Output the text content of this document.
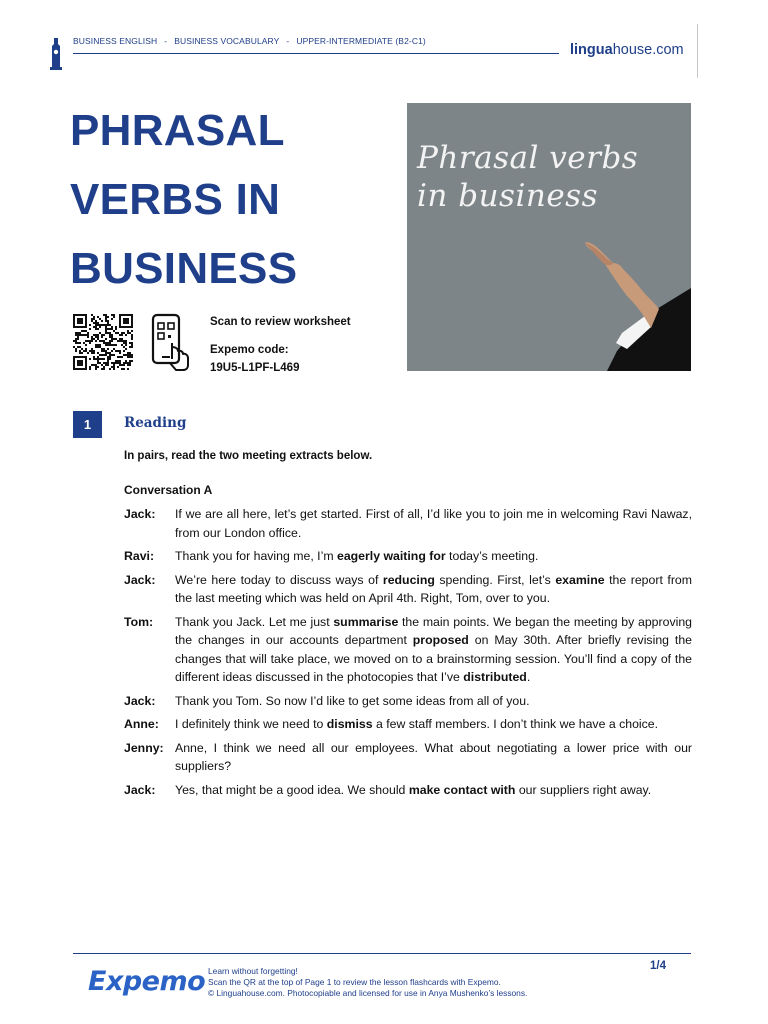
BUSINESS ENGLISH - BUSINESS VOCABULARY - UPPER-INTERMEDIATE (B2-C1)
linguahouse.com
PHRASAL
VERBS IN
BUSINESS
Scan to review worksheet
Expemo code:
19U5-L1PF-L469
Phrasal verbs
in business
1	Reading
In pairs, read the two meeting extracts below.
Conversation A
Jack:	If we are all here, let’s get started. First of all, I’d like you to join me in welcoming Ravi Nawaz, from our London office.
Ravi:	Thank you for having me, I’m eagerly waiting for today’s meeting.
Jack:	We’re here today to discuss ways of reducing spending. First, let’s examine the report from the last meeting which was held on April 4th. Right, Tom, over to you.
Tom:	Thank you Jack. Let me just summarise the main points. We began the meeting by approving the changes in our accounts department proposed on May 30th. After briefly revising the changes that will take place, we moved on to a brainstorming session. You’ll find a copy of the different ideas discussed in the photocopies that I’ve distributed.
Jack:	Thank you Tom. So now I’d like to get some ideas from all of you.
Anne:	I definitely think we need to dismiss a few staff members. I don’t think we have a choice.
Jenny: Anne, I think we need all our employees. What about negotiating a lower price with our suppliers?
Jack:	Yes, that might be a good idea. We should make contact with our suppliers right away.
Expemo Learn without forgetting!
Scan the QR at the top of Page 1 to review the lesson flashcards with Expemo.
© Linguahouse.com. Photocopiable and licensed for use in Anya Mushenko’s lessons.
1/4
